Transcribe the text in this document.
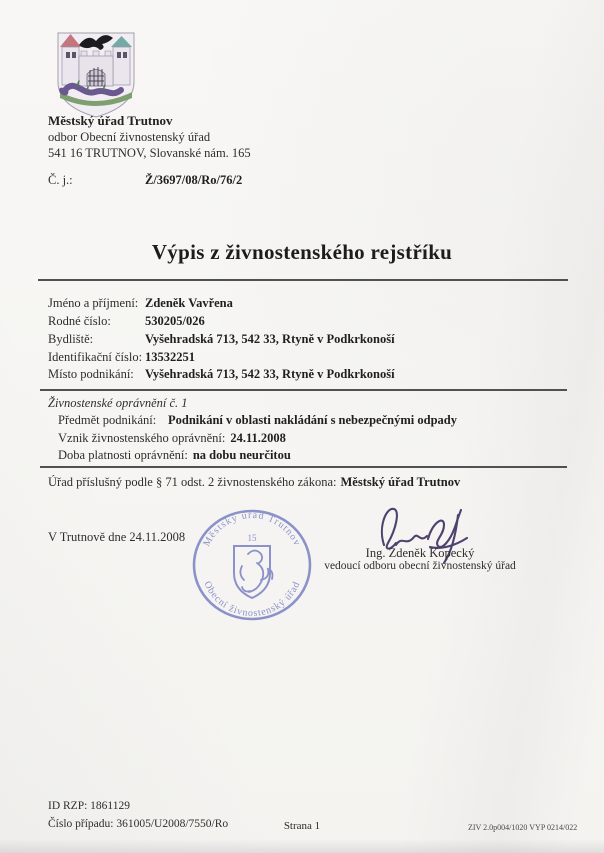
Městský úřad Trutnov
odbor Obecní živnostenský úřad
541 16 TRUTNOV, Slovanské nám. 165
Č. j.:	Ž/3697/08/Ro/76/2
Výpis z živnostenského rejstříku
Jméno a příjmení: Zdeněk Vavřena
Rodné číslo:	530205/026
Bydliště:	Vyšehradská 713, 542 33, Rtyně v Podkrkonoší
Identifikační číslo: 13532251
Místo podnikání: Vyšehradská 713, 542 33, Rtyně v Podkrkonoší
Živnostenské oprávnění č. 1
Předmět podnikání: Podnikání v oblasti nakládání s nebezpečnými odpady
Vznik živnostenského oprávnění: 24.11.2008
Doba platnosti oprávnění: na dobu neurčitou
Úřad příslušný podle § 71 odst. 2 živnostenského zákona: Městský úřad Trutnov
V Trutnově dne 24.11.2008 Městský úřad Trutnov
Obecní živnostenský úřad
15
Ing. Zdeněk Kopecký
vedoucí odboru obecní živnostenský úřad
ID RZP: 1861129
Číslo případu: 361005/U2008/7550/Ro	Strana 1	ZIV 2.0p004/1020 VYP 0214/022
